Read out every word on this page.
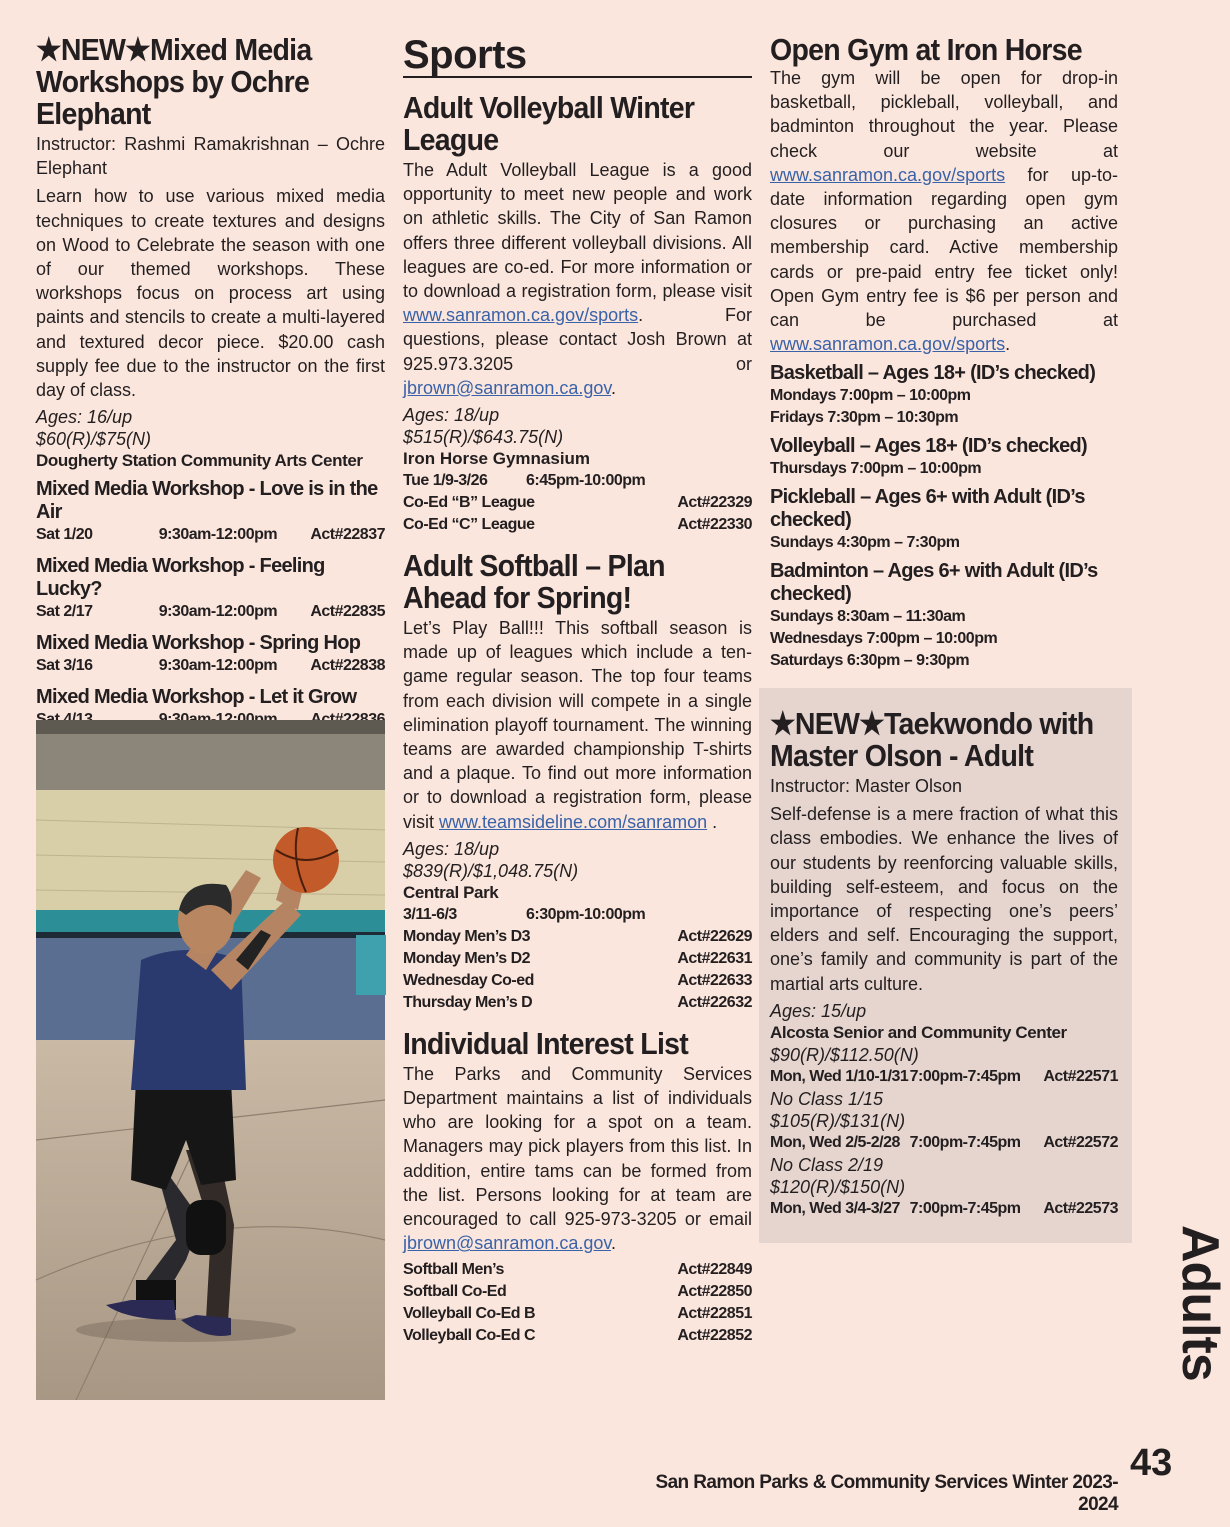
★NEW★Mixed Media Workshops by Ochre Elephant

Instructor: Rashmi Ramakrishnan – Ochre Elephant

Learn how to use various mixed media techniques to create textures and designs on Wood to Celebrate the season with one of our themed workshops. These workshops focus on process art using paints and stencils to create a multi-layered and textured decor piece. $20.00 cash supply fee due to the instructor on the first day of class.

Ages: 16/up

$60(R)/$75(N)

Dougherty Station Community Arts Center

Mixed Media Workshop - Love is in the Air

Sat 1/20	9:30am-12:00pm	Act#22837

Mixed Media Workshop - Feeling Lucky?

Sat 2/17	9:30am-12:00pm	Act#22835

Mixed Media Workshop - Spring Hop

Sat 3/16	9:30am-12:00pm	Act#22838

Mixed Media Workshop - Let it Grow

Sports
Adult Volleyball Winter League

The Adult Volleyball League is a good opportunity to meet new people and work on athletic skills. The City of San Ramon offers three different volleyball divisions. All leagues are co-ed. For more information or to download a registration form, please visit www.sanramon.ca.gov/sports. For questions, please contact Josh Brown at 925.973.3205 or jbrown@sanramon.ca.gov.

Ages: 18/up

$515(R)/$643.75(N)

Iron Horse Gymnasium

Tue 1/9-3/26	6:45pm-10:00pm
Co-Ed “B” League	Act#22329
Co-Ed “C” League	Act#22330
Adult Softball – Plan Ahead for Spring!

Let’s Play Ball!!! This softball season is made up of leagues which include a ten-game regular season. The top four teams from each division will compete in a single elimination playoff tournament. The winning teams are awarded championship T-shirts and a plaque. To find out more information or to download a registration form, please visit www.teamsideline.com/sanramon .

Ages: 18/up

$839(R)/$1,048.75(N)

Central Park

3/11-6/3	6:30pm-10:00pm
Monday Men’s D3	Act#22629
Monday Men’s D2	Act#22631
Wednesday Co-ed	Act#22633
Thursday Men’s D	Act#22632
Individual Interest List

The Parks and Community Services Department maintains a list of individuals who are looking for a spot on a team. Managers may pick players from this list. In addition, entire tams can be formed from the list. Persons looking for at team are encouraged to call 925-973-3205 or email jbrown@sanramon.ca.gov.

Softball Men’s	Act#22849
Softball Co-Ed	Act#22850
Volleyball Co-Ed B	Act#22851
Volleyball Co-Ed C	Act#22852
Open Gym at Iron Horse

The gym will be open for drop-in basketball, pickleball, volleyball, and badminton throughout the year. Please check our website at www.sanramon.ca.gov/sports for up-to-date information regarding open gym closures or purchasing an active membership card. Active membership cards or pre-paid entry fee ticket only! Open Gym entry fee is $6 per person and can be purchased at www.sanramon.ca.gov/sports.

Basketball – Ages 18+ (ID’s checked)

Mondays 7:00pm – 10:00pm
Fridays 7:30pm – 10:30pm

Volleyball – Ages 18+ (ID’s checked)

Thursdays 7:00pm – 10:00pm

Pickleball – Ages 6+ with Adult (ID’s checked)

Sundays 4:30pm – 7:30pm

Badminton – Ages 6+ with Adult (ID’s checked)

Sundays 8:30am – 11:30am
Wednesdays 7:00pm – 10:00pm
Saturdays 6:30pm – 9:30pm
★NEW★Taekwondo with Master Olson - Adult

Instructor: Master Olson

Self-defense is a mere fraction of what this class embodies. We enhance the lives of our students by reenforcing valuable skills, building self-esteem, and focus on the importance of respecting one’s peers’ elders and self. Encouraging the support, one’s family and community is part of the martial arts culture.

Ages: 15/up

Alcosta Senior and Community Center

$90(R)/$112.50(N)

Mon, Wed 1/10-1/31 7:00pm-7:45pm	Act#22571

No Class 1/15

$105(R)/$131(N)

Mon, Wed 2/5-2/28 7:00pm-7:45pm	Act#22572

No Class 2/19

$120(R)/$150(N)

Mon, Wed 3/4-3/27 7:00pm-7:45pm	Act#22573
Adults
43
San Ramon Parks & Community Services Winter 2023-2024
